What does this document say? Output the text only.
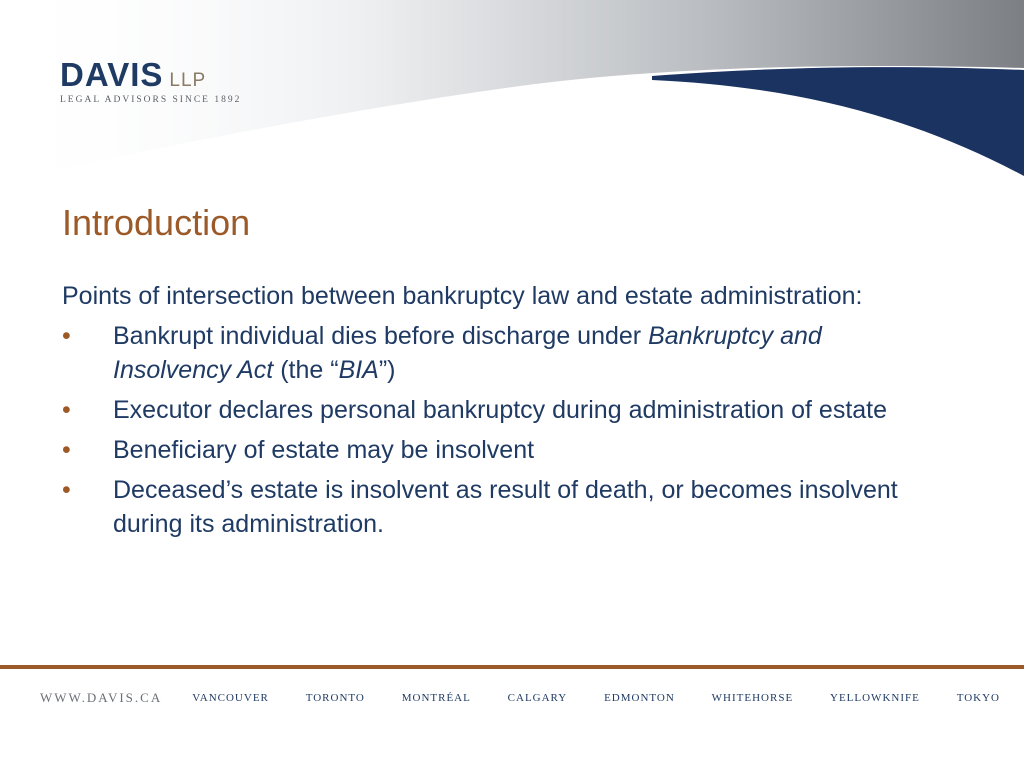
DAVIS LLP
LEGAL ADVISORS SINCE 1892
Introduction

Points of intersection between bankruptcy law and estate administration:

•	Bankrupt individual dies before discharge under Bankruptcy and Insolvency Act (the “BIA”)
•	Executor declares personal bankruptcy during administration of estate
•	Beneficiary of estate may be insolvent
•	Deceased’s estate is insolvent as result of death, or becomes insolvent during its administration.
WWW.DAVIS.CA	VANCOUVER	TORONTO	MONTRÉAL	CALGARY	EDMONTON	WHITEHORSE	YELLOWKNIFE	TOKYO
